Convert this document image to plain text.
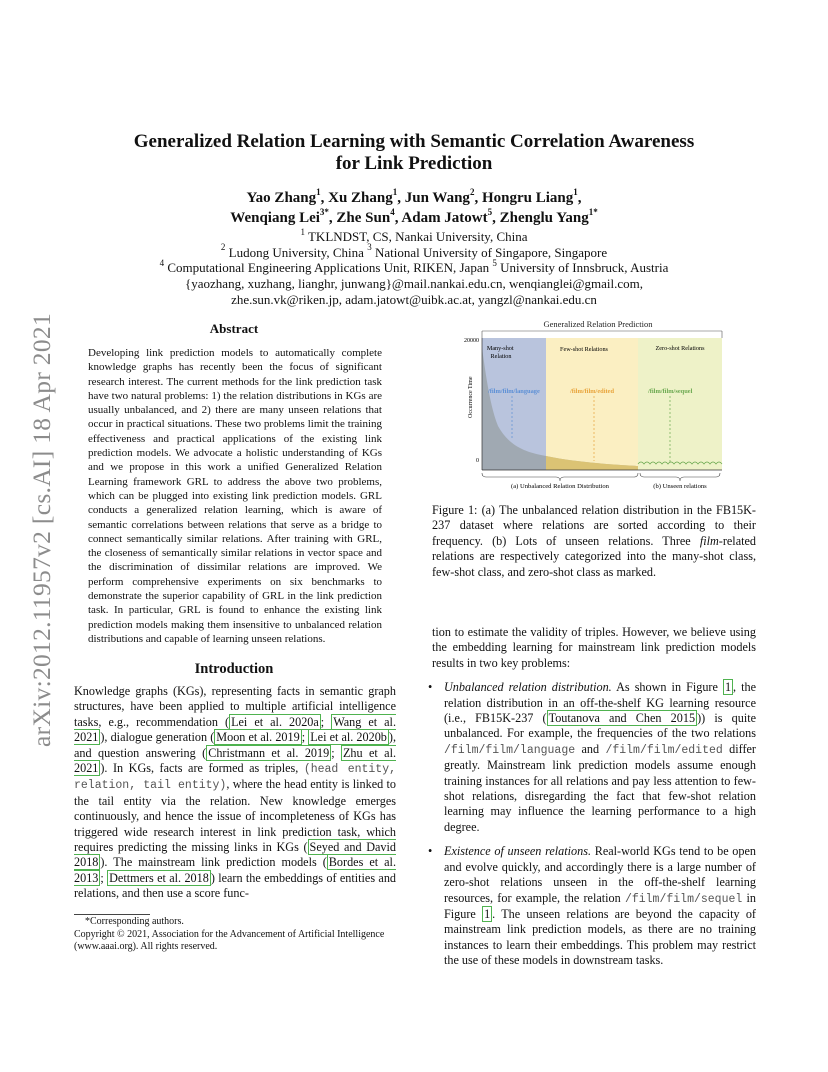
arXiv:2012.11957v2 [cs.AI] 18 Apr 2021
Generalized Relation Learning with Semantic Correlation Awareness
for Link Prediction
Yao Zhang$^1$, Xu Zhang$^1$, Jun Wang$^2$, Hongru Liang$^1$,
Wenqiang Lei$^{3*}$, Zhe Sun$^4$, Adam Jatowt$^5$, Zhenglu Yang$^{1*}$
$^1$ TKLNDST, CS, Nankai University, China
$^2$ Ludong University, China $^3$ National University of Singapore, Singapore
$^4$ Computational Engineering Applications Unit, RIKEN, Japan $^5$ University of Innsbruck, Austria
{yaozhang, xuzhang, lianghr, junwang}@mail.nankai.edu.cn, wenqianglei@gmail.com,
zhe.sun.vk@riken.jp, adam.jatowt@uibk.ac.at, yangzl@nankai.edu.cn
Abstract
Developing link prediction models to automatically complete knowledge graphs has recently been the focus of significant research interest. The current methods for the link prediction task have two natural problems: 1) the relation distributions in KGs are usually unbalanced, and 2) there are many unseen relations that occur in practical situations. These two problems limit the training effectiveness and practical applications of the existing link prediction models. We advocate a holistic understanding of KGs and we propose in this work a unified Generalized Relation Learning framework GRL to address the above two problems, which can be plugged into existing link prediction models. GRL conducts a generalized relation learning, which is aware of semantic correlations between relations that serve as a bridge to connect semantically similar relations. After training with GRL, the closeness of semantically similar relations in vector space and the discrimination of dissimilar relations are improved. We perform comprehensive experiments on six benchmarks to demonstrate the superior capability of GRL in the link prediction task. In particular, GRL is found to enhance the existing link prediction models making them insensitive to unbalanced relation distributions and capable of learning unseen relations.
Introduction
Knowledge graphs (KGs), representing facts in semantic graph structures, have been applied to multiple artificial intelligence tasks, e.g., recommendation ( Lei et al. 2020a ; Wang et al. 2021 ), dialogue generation ( Moon et al. 2019 ; Lei et al. 2020b ), and question answering ( Christmann et al. 2019 ; Zhu et al. 2021 ). In KGs, facts are formed as triples, (head entity, relation, tail entity), where the head entity is linked to the tail entity via the relation. New knowledge emerges continuously, and hence the issue of incompleteness of KGs has triggered wide research interest in link prediction task, which requires predicting the missing links in KGs ( Seyed and David 2018 ). The mainstream link prediction models ( Bordes et al. 2013 ; Dettmers et al. 2018 ) learn the embeddings of entities and relations, and then use a score func-
*Corresponding authors.
Copyright © 2021, Association for the Advancement of Artificial Intelligence (www.aaai.org). All rights reserved.
Generalized Relation Prediction
20000
0
Occurrence Time
Many-shot Relation
Few-shot Relations	Zero-shot Relations
/film/film/language	/film/film/edited	/film/film/sequel
(a) Unbalanced Relation Distribution	(b) Unseen relations
Figure 1: (a) The unbalanced relation distribution in the FB15K-237 dataset where relations are sorted according to their frequency. (b) Lots of unseen relations. Three film-related relations are respectively categorized into the many-shot class, few-shot class, and zero-shot class as marked.

tion to estimate the validity of triples. However, we believe using the embedding learning for mainstream link prediction models results in two key problems:

• Unbalanced relation distribution. As shown in Figure 1 , the relation distribution in an off-the-shelf KG learning resource (i.e., FB15K-237 ( Toutanova and Chen 2015 )) is quite unbalanced. For example, the frequencies of the two relations /film/film/language and /film/film/edited differ greatly. Mainstream link prediction models assume enough training instances for all relations and pay less attention to few-shot relations, disregarding the fact that few-shot relation learning may influence the learning performance to a high degree.
• Existence of unseen relations. Real-world KGs tend to be open and evolve quickly, and accordingly there is a large number of zero-shot relations unseen in the off-the-shelf learning resources, for example, the relation /film/film/sequel in Figure 1 . The unseen relations are beyond the capacity of mainstream link prediction models, as there are no training instances to learn their embeddings. This problem may restrict the use of these models in downstream tasks.
